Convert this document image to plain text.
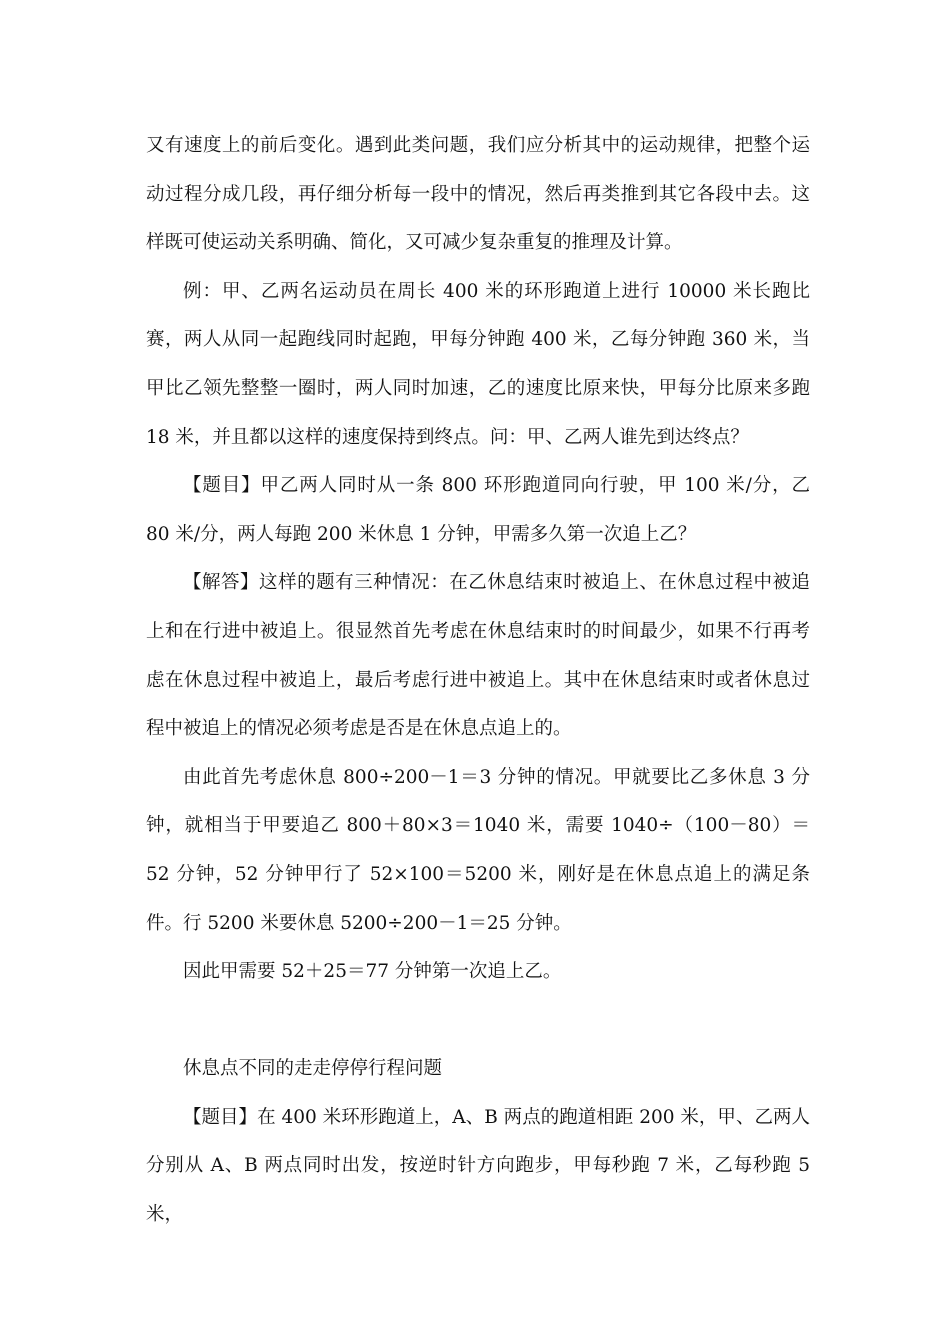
又有速度上的前后变化。遇到此类问题，我们应分析其中的运动规律，把整个运动过程分成几段，再仔细分析每一段中的情况，然后再类推到其它各段中去。这样既可使运动关系明确、简化，又可减少复杂重复的推理及计算。

例：甲、乙两名运动员在周长 400 米的环形跑道上进行 10000 米长跑比赛，两人从同一起跑线同时起跑，甲每分钟跑 400 米，乙每分钟跑 360 米，当甲比乙领先整整一圈时，两人同时加速，乙的速度比原来快，甲每分比原来多跑 18 米，并且都以这样的速度保持到终点。问：甲、乙两人谁先到达终点？

【题目】甲乙两人同时从一条 800 环形跑道同向行驶，甲 100 米/分，乙 80 米/分，两人每跑 200 米休息 1 分钟，甲需多久第一次追上乙？

【解答】这样的题有三种情况：在乙休息结束时被追上、在休息过程中被追上和在行进中被追上。很显然首先考虑在休息结束时的时间最少，如果不行再考虑在休息过程中被追上，最后考虑行进中被追上。其中在休息结束时或者休息过程中被追上的情况必须考虑是否是在休息点追上的。

由此首先考虑休息 800÷200－1＝3 分钟的情况。甲就要比乙多休息 3 分钟，就相当于甲要追乙 800＋80×3＝1040 米，需要 1040÷（100－80）＝52 分钟，52 分钟甲行了 52×100＝5200 米，刚好是在休息点追上的满足条件。行 5200 米要休息 5200÷200－1＝25 分钟。

因此甲需要 52＋25＝77 分钟第一次追上乙。

休息点不同的走走停停行程问题

【题目】在 400 米环形跑道上，A、B 两点的跑道相距 200 米，甲、乙两人分别从 A、B 两点同时出发，按逆时针方向跑步，甲每秒跑 7 米，乙每秒跑 5 米，
